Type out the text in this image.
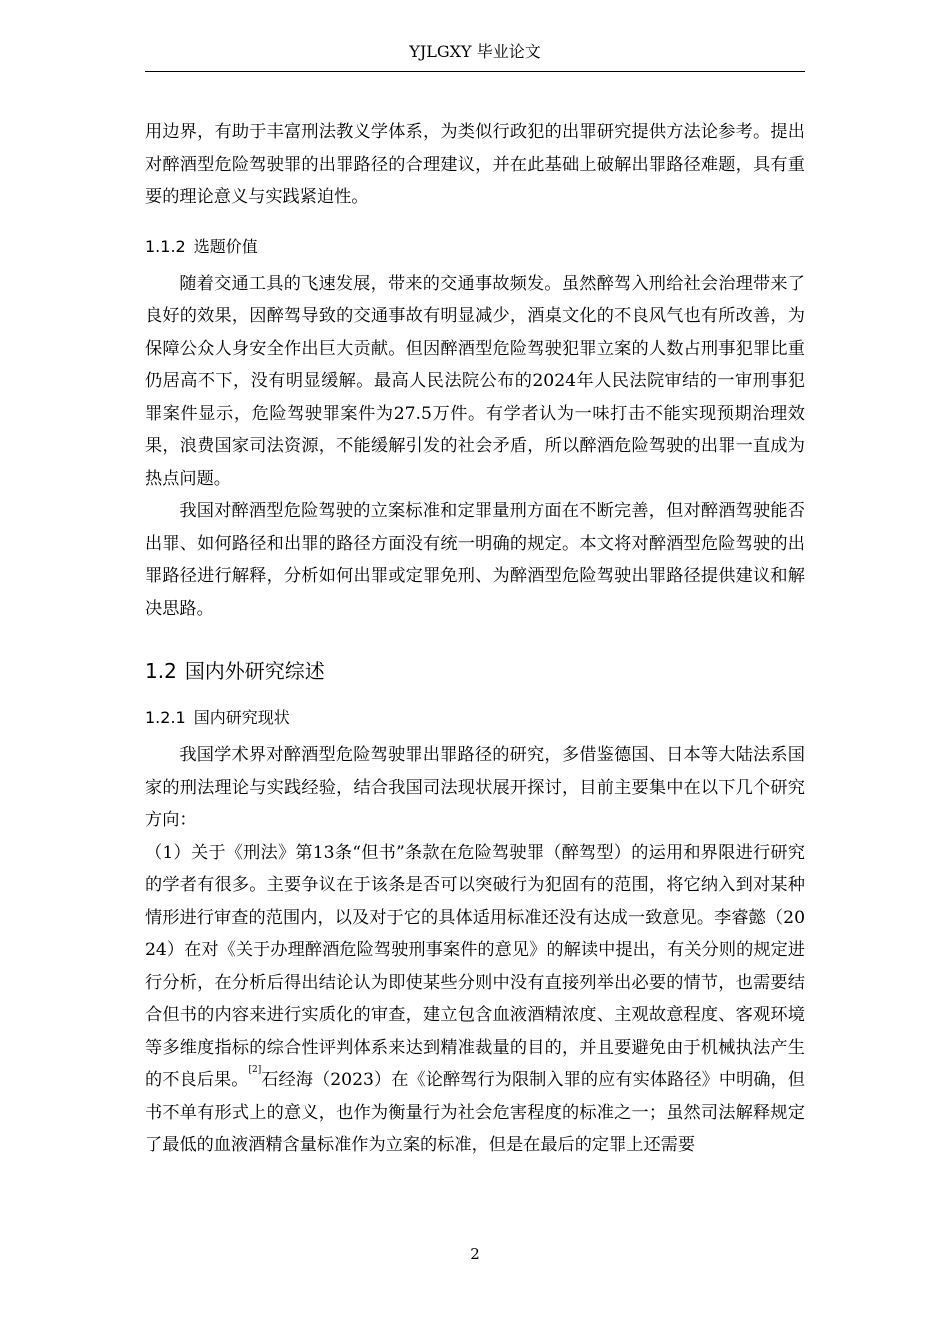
YJLGXY 毕业论文

用边界，有助于丰富刑法教义学体系，为类似行政犯的出罪研究提供方法论参考。提出对醉酒型危险驾驶罪的出罪路径的合理建议，并在此基础上破解出罪路径难题，具有重要的理论意义与实践紧迫性。

1.1.2 选题价值

随着交通工具的飞速发展，带来的交通事故频发。虽然醉驾入刑给社会治理带来了良好的效果，因醉驾导致的交通事故有明显减少，酒桌文化的不良风气也有所改善，为保障公众人身安全作出巨大贡献。但因醉酒型危险驾驶犯罪立案的人数占刑事犯罪比重仍居高不下，没有明显缓解。最高人民法院公布的2024年人民法院审结的一审刑事犯罪案件显示，危险驾驶罪案件为27.5万件。有学者认为一味打击不能实现预期治理效果，浪费国家司法资源，不能缓解引发的社会矛盾，所以醉酒危险驾驶的出罪一直成为热点问题。

我国对醉酒型危险驾驶的立案标准和定罪量刑方面在不断完善，但对醉酒驾驶能否出罪、如何路径和出罪的路径方面没有统一明确的规定。本文将对醉酒型危险驾驶的出罪路径进行解释，分析如何出罪或定罪免刑、为醉酒型危险驾驶出罪路径提供建议和解决思路。

1.2 国内外研究综述
1.2.1 国内研究现状

我国学术界对醉酒型危险驾驶罪出罪路径的研究，多借鉴德国、日本等大陆法系国家的刑法理论与实践经验，结合我国司法现状展开探讨，目前主要集中在以下几个研究方向：

（1）关于《刑法》第13条“但书”条款在危险驾驶罪（醉驾型）的运用和界限进行研究的学者有很多。主要争议在于该条是否可以突破行为犯固有的范围，将它纳入到对某种情形进行审查的范围内，以及对于它的具体适用标准还没有达成一致意见。李睿懿（2024）在对《关于办理醉酒危险驾驶刑事案件的意见》的解读中提出，有关分则的规定进行分析，在分析后得出结论认为即使某些分则中没有直接列举出必要的情节，也需要结合但书的内容来进行实质化的审查，建立包含血液酒精浓度、主观故意程度、客观环境等多维度指标的综合性评判体系来达到精准裁量的目的，并且要避免由于机械执法产生的不良后果。[2]石经海（2023）在《论醉驾行为限制入罪的应有实体路径》中明确，但书不单有形式上的意义，也作为衡量行为社会危害程度的标准之一；虽然司法解释规定了最低的血液酒精含量标准作为立案的标准，但是在最后的定罪上还需要

2
